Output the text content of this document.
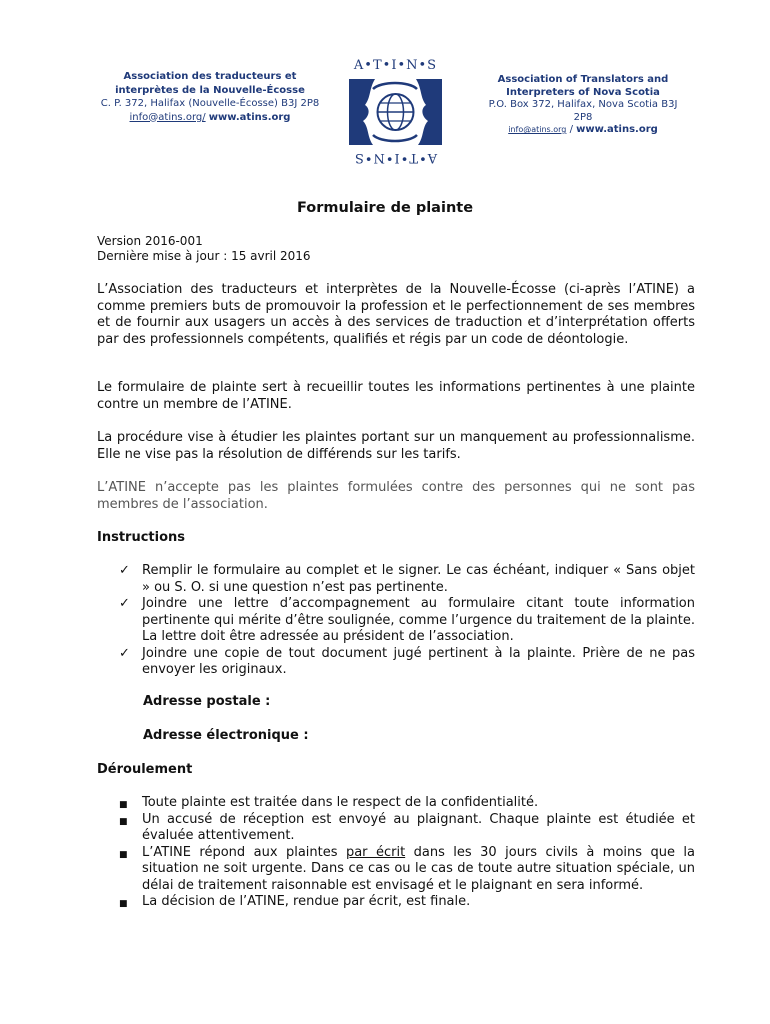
Association des traducteurs et
interprètes de la Nouvelle-Écosse
C. P. 372, Halifax (Nouvelle-Écosse) B3J 2P8
info@atins.org/ www.atins.org
A•T•I•N•S
A•T•I•N•S
Association of Translators and
Interpreters of Nova Scotia
P.O. Box 372, Halifax, Nova Scotia B3J 2P8
info@atins.org / www.atins.org
Formulaire de plainte
Version 2016-001
Dernière mise à jour : 15 avril 2016
L’Association des traducteurs et interprètes de la Nouvelle-Écosse (ci-après l’ATINE) a comme premiers buts de promouvoir la profession et le perfectionnement de ses membres et de fournir aux usagers un accès à des services de traduction et d’interprétation offerts par des professionnels compétents, qualifiés et régis par un code de déontologie.
Le formulaire de plainte sert à recueillir toutes les informations pertinentes à une plainte contre un membre de l’ATINE.
La procédure vise à étudier les plaintes portant sur un manquement au professionnalisme. Elle ne vise pas la résolution de différends sur les tarifs.
L’ATINE n’accepte pas les plaintes formulées contre des personnes qui ne sont pas membres de l’association.
Instructions
✓ Remplir le formulaire au complet et le signer. Le cas échéant, indiquer « Sans objet » ou S. O. si une question n’est pas pertinente.
✓ Joindre une lettre d’accompagnement au formulaire citant toute information pertinente qui mérite d’être soulignée, comme l’urgence du traitement de la plainte. La lettre doit être adressée au président de l’association.
✓ Joindre une copie de tout document jugé pertinent à la plainte. Prière de ne pas envoyer les originaux.
Adresse postale :
Adresse électronique :
Déroulement
■ Toute plainte est traitée dans le respect de la confidentialité.
■ Un accusé de réception est envoyé au plaignant. Chaque plainte est étudiée et évaluée attentivement.
■ L’ATINE répond aux plaintes par écrit dans les 30 jours civils à moins que la situation ne soit urgente. Dans ce cas ou le cas de toute autre situation spéciale, un délai de traitement raisonnable est envisagé et le plaignant en sera informé.
■ La décision de l’ATINE, rendue par écrit, est finale.
